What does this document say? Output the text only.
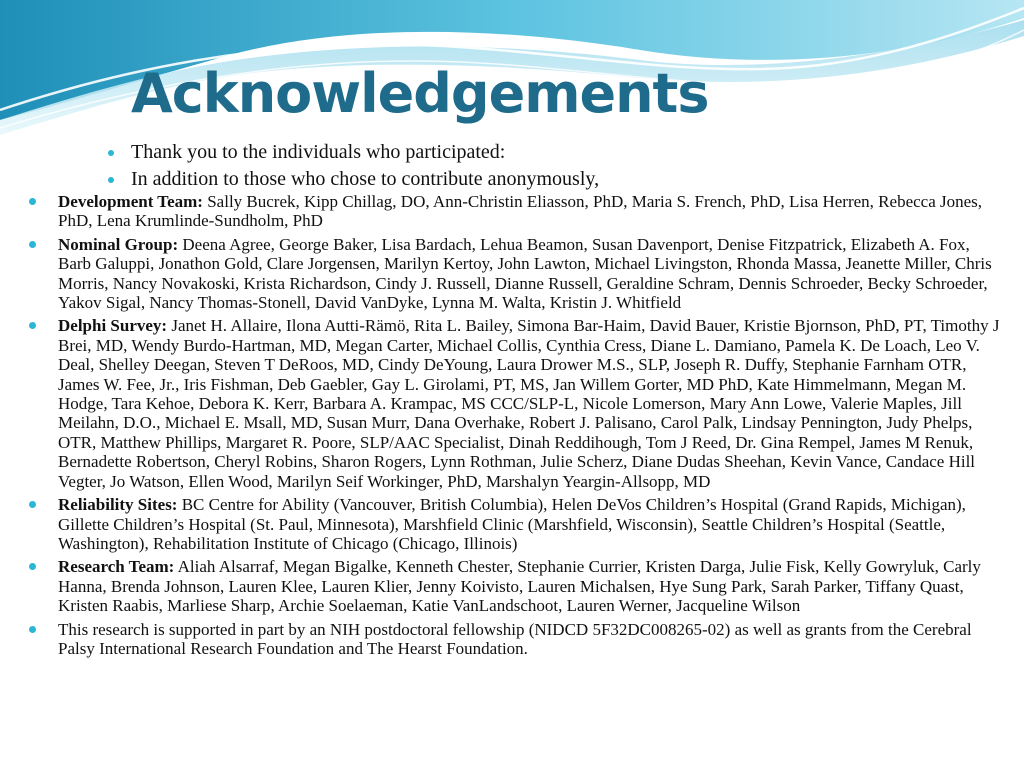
Acknowledgements
Thank you to the individuals who participated:
In addition to those who chose to contribute anonymously,
Development Team: Sally Bucrek, Kipp Chillag, DO, Ann-Christin Eliasson, PhD, Maria S. French, PhD, Lisa Herren, Rebecca Jones, PhD, Lena Krumlinde-Sundholm, PhD
Nominal Group: Deena Agree, George Baker, Lisa Bardach, Lehua Beamon, Susan Davenport, Denise Fitzpatrick, Elizabeth A. Fox, Barb Galuppi, Jonathon Gold, Clare Jorgensen, Marilyn Kertoy, John Lawton, Michael Livingston, Rhonda Massa, Jeanette Miller, Chris Morris, Nancy Novakoski, Krista Richardson, Cindy J. Russell, Dianne Russell, Geraldine Schram, Dennis Schroeder, Becky Schroeder, Yakov Sigal, Nancy Thomas-Stonell, David VanDyke, Lynna M. Walta, Kristin J. Whitfield
Delphi Survey: Janet H. Allaire, Ilona Autti-Rämö, Rita L. Bailey, Simona Bar-Haim, David Bauer, Kristie Bjornson, PhD, PT, Timothy J Brei, MD, Wendy Burdo-Hartman, MD, Megan Carter, Michael Collis, Cynthia Cress, Diane L. Damiano, Pamela K. De Loach, Leo V. Deal, Shelley Deegan, Steven T DeRoos, MD, Cindy DeYoung, Laura Drower M.S., SLP, Joseph R. Duffy, Stephanie Farnham OTR, James W. Fee, Jr., Iris Fishman, Deb Gaebler, Gay L. Girolami, PT, MS, Jan Willem Gorter, MD PhD, Kate Himmelmann, Megan M. Hodge, Tara Kehoe, Debora K. Kerr, Barbara A. Krampac, MS CCC/SLP-L, Nicole Lomerson, Mary Ann Lowe, Valerie Maples, Jill Meilahn, D.O., Michael E. Msall, MD, Susan Murr, Dana Overhake, Robert J. Palisano, Carol Palk, Lindsay Pennington, Judy Phelps, OTR, Matthew Phillips, Margaret R. Poore, SLP/AAC Specialist, Dinah Reddihough, Tom J Reed, Dr. Gina Rempel, James M Renuk, Bernadette Robertson, Cheryl Robins, Sharon Rogers, Lynn Rothman, Julie Scherz, Diane Dudas Sheehan, Kevin Vance, Candace Hill Vegter, Jo Watson, Ellen Wood, Marilyn Seif Workinger, PhD, Marshalyn Yeargin-Allsopp, MD
Reliability Sites: BC Centre for Ability (Vancouver, British Columbia), Helen DeVos Children’s Hospital (Grand Rapids, Michigan), Gillette Children’s Hospital (St. Paul, Minnesota), Marshfield Clinic (Marshfield, Wisconsin), Seattle Children’s Hospital (Seattle, Washington), Rehabilitation Institute of Chicago (Chicago, Illinois)
Research Team: Aliah Alsarraf, Megan Bigalke, Kenneth Chester, Stephanie Currier, Kristen Darga, Julie Fisk, Kelly Gowryluk, Carly Hanna, Brenda Johnson, Lauren Klee, Lauren Klier, Jenny Koivisto, Lauren Michalsen, Hye Sung Park, Sarah Parker, Tiffany Quast, Kristen Raabis, Marliese Sharp, Archie Soelaeman, Katie VanLandschoot, Lauren Werner, Jacqueline Wilson
This research is supported in part by an NIH postdoctoral fellowship (NIDCD 5F32DC008265-02) as well as grants from the Cerebral Palsy International Research Foundation and The Hearst Foundation.
